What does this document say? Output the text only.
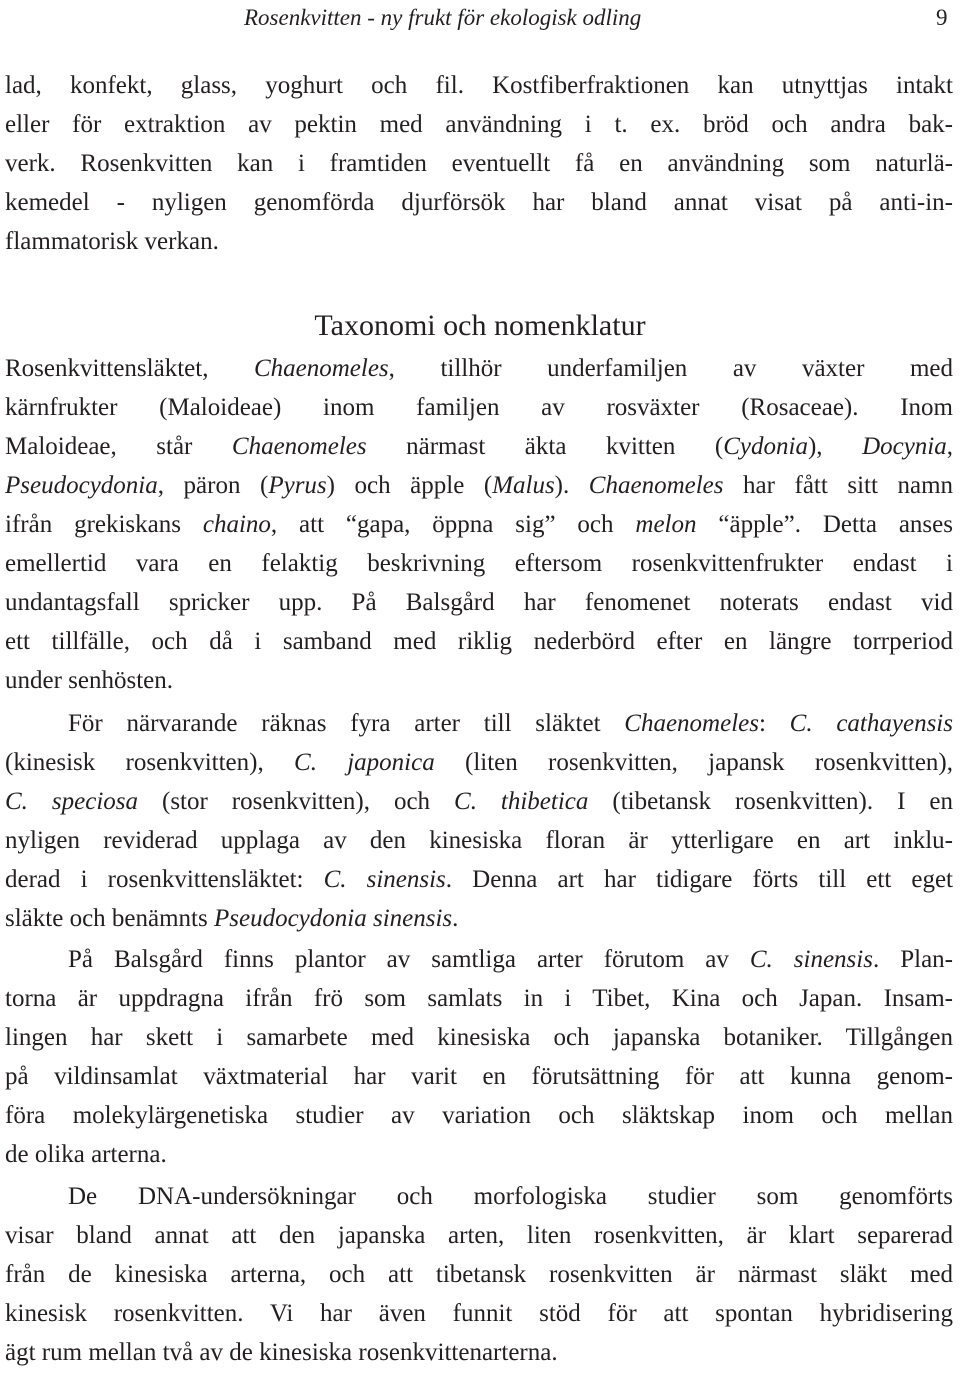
Rosenkvitten - ny frukt för ekologisk odling	9
lad, konfekt, glass, yoghurt och fil. Kostfiberfraktionen kan utnyttjas intakt
eller för extraktion av pektin med användning i t. ex. bröd och andra bak-
verk. Rosenkvitten kan i framtiden eventuellt få en användning som naturlä-
kemedel - nyligen genomförda djurförsök har bland annat visat på anti-in-
flammatorisk verkan.
Taxonomi och nomenklatur
Rosenkvittensläktet, Chaenomeles, tillhör underfamiljen av växter med
kärnfrukter (Maloideae) inom familjen av rosväxter (Rosaceae). Inom
Maloideae, står Chaenomeles närmast äkta kvitten (Cydonia), Docynia,
Pseudocydonia, päron (Pyrus) och äpple (Malus). Chaenomeles har fått sitt namn
ifrån grekiskans chaino, att “gapa, öppna sig” och melon “äpple”. Detta anses
emellertid vara en felaktig beskrivning eftersom rosenkvittenfrukter endast i
undantagsfall spricker upp. På Balsgård har fenomenet noterats endast vid
ett tillfälle, och då i samband med riklig nederbörd efter en längre torrperiod
under senhösten.
För närvarande räknas fyra arter till släktet Chaenomeles: C. cathayensis
(kinesisk rosenkvitten), C. japonica (liten rosenkvitten, japansk rosenkvitten),
C. speciosa (stor rosenkvitten), och C. thibetica (tibetansk rosenkvitten). I en
nyligen reviderad upplaga av den kinesiska floran är ytterligare en art inklu-
derad i rosenkvittensläktet: C. sinensis. Denna art har tidigare förts till ett eget
släkte och benämnts Pseudocydonia sinensis.
På Balsgård finns plantor av samtliga arter förutom av C. sinensis. Plan-
torna är uppdragna ifrån frö som samlats in i Tibet, Kina och Japan. Insam-
lingen har skett i samarbete med kinesiska och japanska botaniker. Tillgången
på vildinsamlat växtmaterial har varit en förutsättning för att kunna genom-
föra molekylärgenetiska studier av variation och släktskap inom och mellan
de olika arterna.
De DNA-undersökningar och morfologiska studier som genomförts
visar bland annat att den japanska arten, liten rosenkvitten, är klart separerad
från de kinesiska arterna, och att tibetansk rosenkvitten är närmast släkt med
kinesisk rosenkvitten. Vi har även funnit stöd för att spontan hybridisering
ägt rum mellan två av de kinesiska rosenkvittenarterna.
